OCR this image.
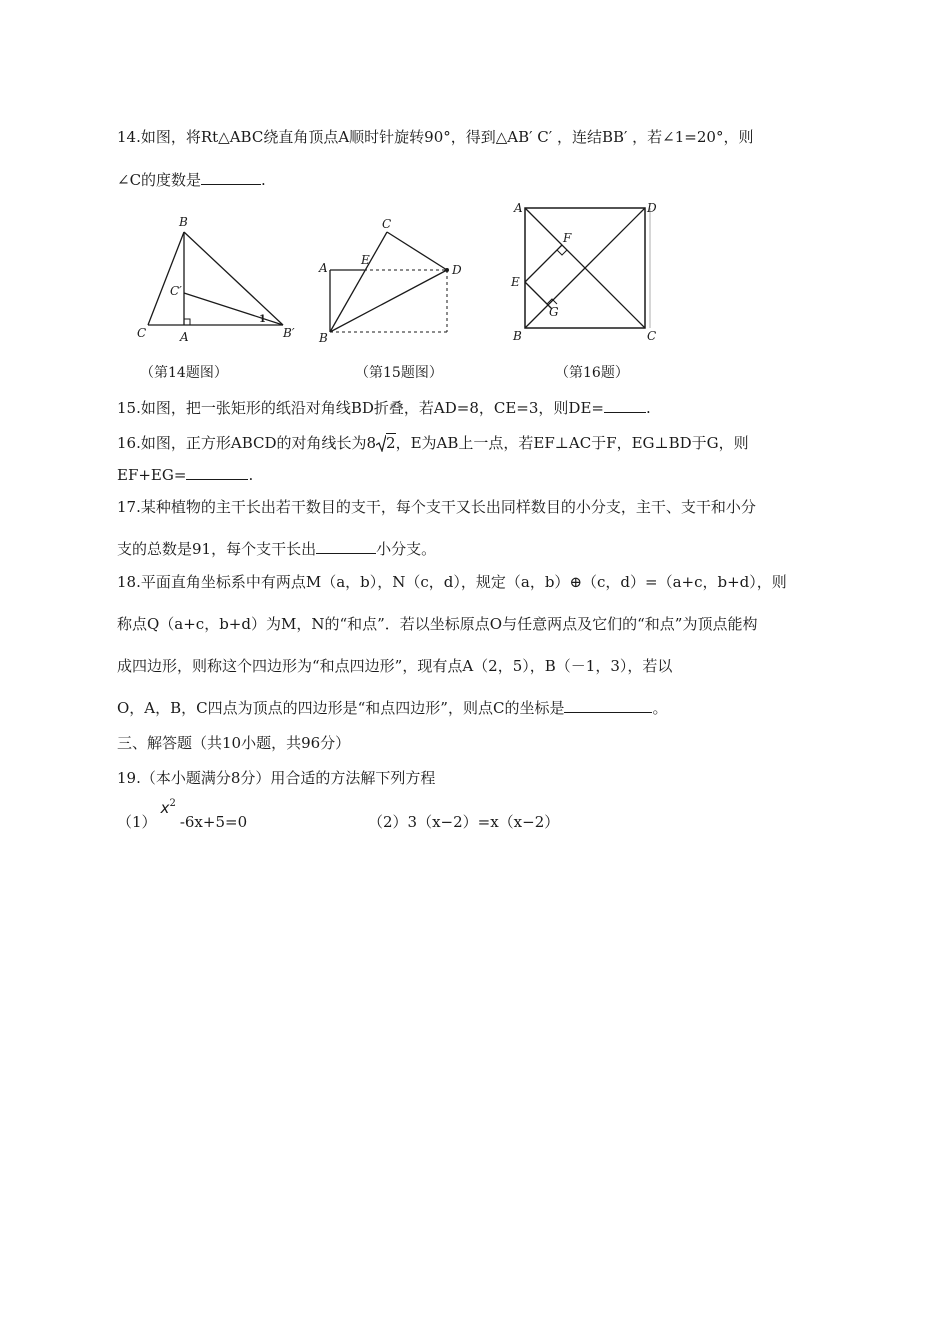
14.如图，将Rt△ABC绕直角顶点A顺时针旋转90°，得到△AB′ C′ ，连结BB′ ，若∠1=20°，则
∠C的度数是	.
B
C′
C	A	B′
1
（第14题图）
C
A
E
D
B
（第15题图）
A	D
F
E
G
B	C
（第16题）
15.如图，把一张矩形的纸沿对角线BD折叠，若AD=8，CE=3，则DE=	.
16.如图，正方形ABCD的对角线长为8 2，E为AB上一点，若EF⊥AC于F，EG⊥BD于G，则
EF+EG=	.
17.某种植物的主干长出若干数目的支干，每个支干又长出同样数目的小分支，主干、支干和小分
支的总数是91，每个支干长出	小分支。
18.平面直角坐标系中有两点M（a，b），N（c，d），规定（a，b）⊕（c，d）=（a+c，b+d），则
称点Q（a+c，b+d）为M，N的“和点”．若以坐标原点O与任意两点及它们的“和点”为顶点能构
成四边形，则称这个四边形为“和点四边形”，现有点A（2，5），B（－1，3），若以
O，A，B，C四点为顶点的四边形是“和点四边形”，则点C的坐标是	。
三、解答题（共10小题，共96分）
19.（本小题满分8分）用合适的方法解下列方程
$(1)x^2-6x+5=0$	（2）3（x−2）=x（x−2）
